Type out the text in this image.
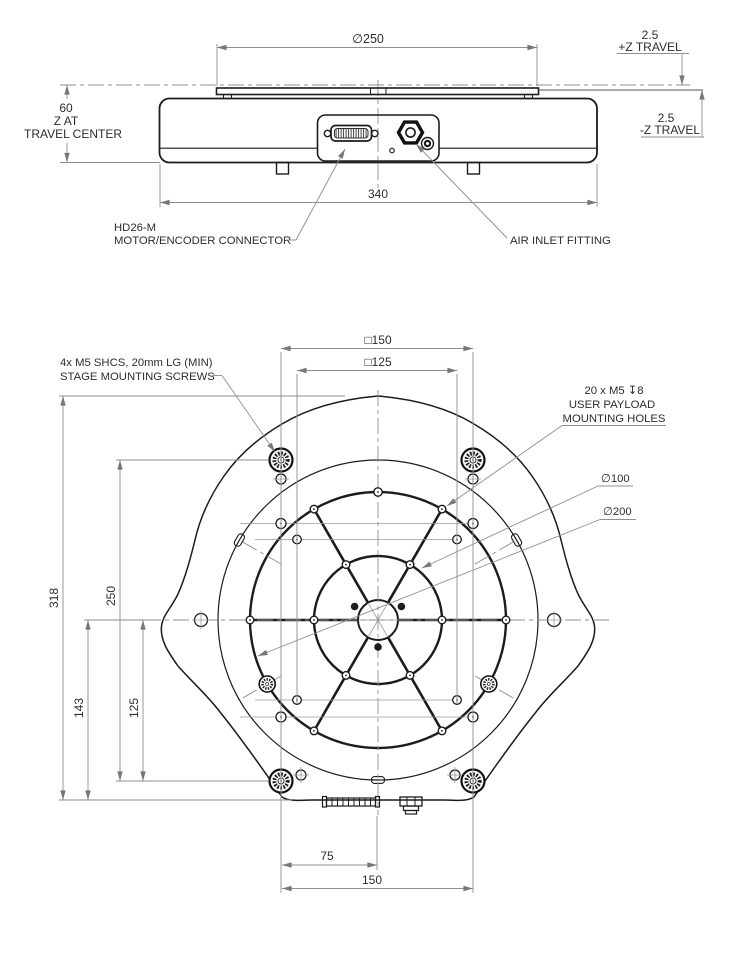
∅250
340
60
Z AT
TRAVEL CENTER
2.5
+Z TRAVEL
2.5
-Z TRAVEL
HD26-M
MOTOR/ENCODER CONNECTOR	AIR INLET FITTING
□150
□125
318
143
250
125
75
150
4x M5 SHCS, 20mm LG (MIN)
STAGE MOUNTING SCREWS
20 x M5 ↧8
USER PAYLOAD
MOUNTING HOLES
∅100
∅200
